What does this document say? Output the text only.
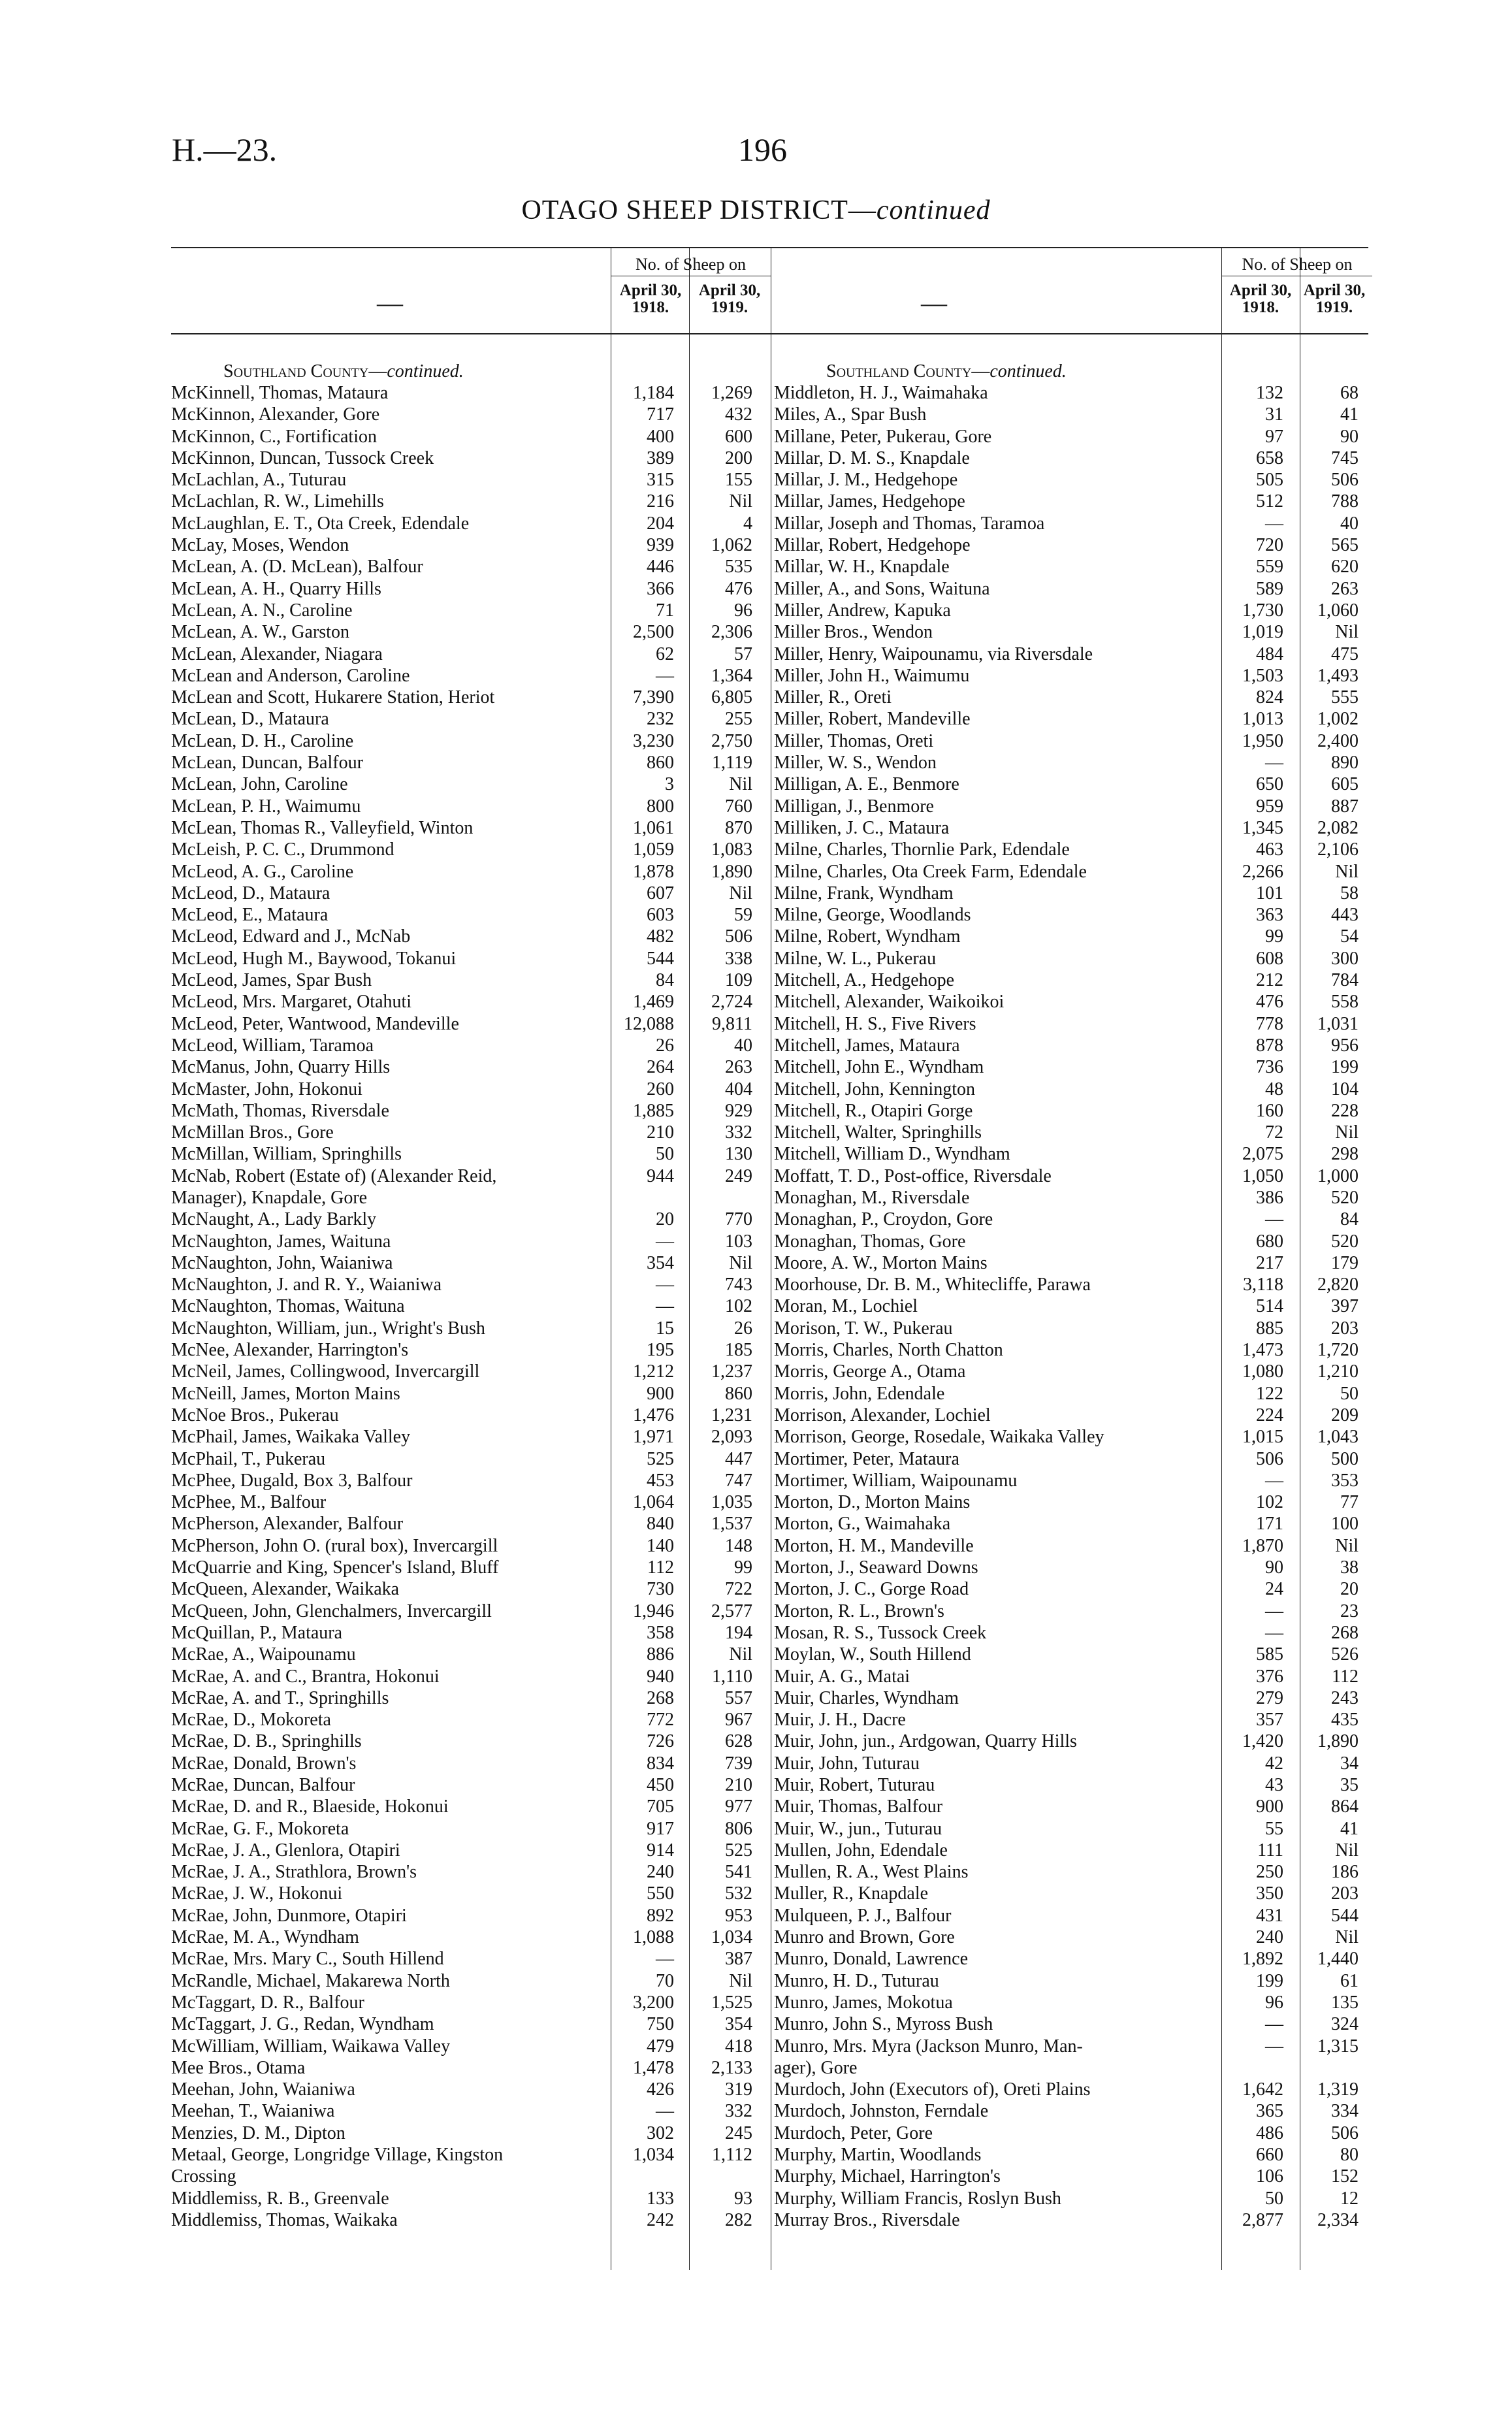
H.—23.	196
OTAGO SHEEP DISTRICT—continued
—
No. of Sheep on
April 30, 1918.
April 30, 1919.
Southland County—continued.
McKinnell, Thomas, Mataura	1,184	1,269
McKinnon, Alexander, Gore	717	432
McKinnon, C., Fortification	400	600
McKinnon, Duncan, Tussock Creek	389	200
McLachlan, A., Tuturau	315	155
McLachlan, R. W., Limehills	216	Nil
McLaughlan, E. T., Ota Creek, Edendale	204	4
McLay, Moses, Wendon	939	1,062
McLean, A. (D. McLean), Balfour	446	535
McLean, A. H., Quarry Hills	366	476
McLean, A. N., Caroline	71	96
McLean, A. W., Garston	2,500	2,306
McLean, Alexander, Niagara	62	57
McLean and Anderson, Caroline	—	1,364
McLean and Scott, Hukarere Station, Heriot	7,390	6,805
McLean, D., Mataura	232	255
McLean, D. H., Caroline	3,230	2,750
McLean, Duncan, Balfour	860	1,119
McLean, John, Caroline	3	Nil
McLean, P. H., Waimumu	800	760
McLean, Thomas R., Valleyfield, Winton	1,061	870
McLeish, P. C. C., Drummond	1,059	1,083
McLeod, A. G., Caroline	1,878	1,890
McLeod, D., Mataura	607	Nil
McLeod, E., Mataura	603	59
McLeod, Edward and J., McNab	482	506
McLeod, Hugh M., Baywood, Tokanui	544	338
McLeod, James, Spar Bush	84	109
McLeod, Mrs. Margaret, Otahuti	1,469	2,724
McLeod, Peter, Wantwood, Mandeville	12,088	9,811
McLeod, William, Taramoa	26	40
McManus, John, Quarry Hills	264	263
McMaster, John, Hokonui	260	404
McMath, Thomas, Riversdale	1,885	929
McMillan Bros., Gore	210	332
McMillan, William, Springhills	50	130
McNab, Robert (Estate of) (Alexander Reid,	944	249
Manager), Knapdale, Gore
McNaught, A., Lady Barkly	20	770
McNaughton, James, Waituna	—	103
McNaughton, John, Waianiwa	354	Nil
McNaughton, J. and R. Y., Waianiwa	—	743
McNaughton, Thomas, Waituna	—	102
McNaughton, William, jun., Wright's Bush	15	26
McNee, Alexander, Harrington's	195	185
McNeil, James, Collingwood, Invercargill	1,212	1,237
McNeill, James, Morton Mains	900	860
McNoe Bros., Pukerau	1,476	1,231
McPhail, James, Waikaka Valley	1,971	2,093
McPhail, T., Pukerau	525	447
McPhee, Dugald, Box 3, Balfour	453	747
McPhee, M., Balfour	1,064	1,035
McPherson, Alexander, Balfour	840	1,537
McPherson, John O. (rural box), Invercargill	140	148
McQuarrie and King, Spencer's Island, Bluff	112	99
McQueen, Alexander, Waikaka	730	722
McQueen, John, Glenchalmers, Invercargill	1,946	2,577
McQuillan, P., Mataura	358	194
McRae, A., Waipounamu	886	Nil
McRae, A. and C., Brantra, Hokonui	940	1,110
McRae, A. and T., Springhills	268	557
McRae, D., Mokoreta	772	967
McRae, D. B., Springhills	726	628
McRae, Donald, Brown's	834	739
McRae, Duncan, Balfour	450	210
McRae, D. and R., Blaeside, Hokonui	705	977
McRae, G. F., Mokoreta	917	806
McRae, J. A., Glenlora, Otapiri	914	525
McRae, J. A., Strathlora, Brown's	240	541
McRae, J. W., Hokonui	550	532
McRae, John, Dunmore, Otapiri	892	953
McRae, M. A., Wyndham	1,088	1,034
McRae, Mrs. Mary C., South Hillend	—	387
McRandle, Michael, Makarewa North	70	Nil
McTaggart, D. R., Balfour	3,200	1,525
McTaggart, J. G., Redan, Wyndham	750	354
McWilliam, William, Waikawa Valley	479	418
Mee Bros., Otama	1,478	2,133
Meehan, John, Waianiwa	426	319
Meehan, T., Waianiwa	—	332
Menzies, D. M., Dipton	302	245
Metaal, George, Longridge Village, Kingston	1,034	1,112
Crossing
Middlemiss, R. B., Greenvale	133	93
Middlemiss, Thomas, Waikaka	242	282
—
No. of Sheep on
April 30, 1918.
April 30, 1919.
Southland County—continued.
Middleton, H. J., Waimahaka	132	68
Miles, A., Spar Bush	31	41
Millane, Peter, Pukerau, Gore	97	90
Millar, D. M. S., Knapdale	658	745
Millar, J. M., Hedgehope	505	506
Millar, James, Hedgehope	512	788
Millar, Joseph and Thomas, Taramoa	—	40
Millar, Robert, Hedgehope	720	565
Millar, W. H., Knapdale	559	620
Miller, A., and Sons, Waituna	589	263
Miller, Andrew, Kapuka	1,730	1,060
Miller Bros., Wendon	1,019	Nil
Miller, Henry, Waipounamu, via Riversdale	484	475
Miller, John H., Waimumu	1,503	1,493
Miller, R., Oreti	824	555
Miller, Robert, Mandeville	1,013	1,002
Miller, Thomas, Oreti	1,950	2,400
Miller, W. S., Wendon	—	890
Milligan, A. E., Benmore	650	605
Milligan, J., Benmore	959	887
Milliken, J. C., Mataura	1,345	2,082
Milne, Charles, Thornlie Park, Edendale	463	2,106
Milne, Charles, Ota Creek Farm, Edendale	2,266	Nil
Milne, Frank, Wyndham	101	58
Milne, George, Woodlands	363	443
Milne, Robert, Wyndham	99	54
Milne, W. L., Pukerau	608	300
Mitchell, A., Hedgehope	212	784
Mitchell, Alexander, Waikoikoi	476	558
Mitchell, H. S., Five Rivers	778	1,031
Mitchell, James, Mataura	878	956
Mitchell, John E., Wyndham	736	199
Mitchell, John, Kennington	48	104
Mitchell, R., Otapiri Gorge	160	228
Mitchell, Walter, Springhills	72	Nil
Mitchell, William D., Wyndham	2,075	298
Moffatt, T. D., Post-office, Riversdale	1,050	1,000
Monaghan, M., Riversdale	386	520
Monaghan, P., Croydon, Gore	—	84
Monaghan, Thomas, Gore	680	520
Moore, A. W., Morton Mains	217	179
Moorhouse, Dr. B. M., Whitecliffe, Parawa	3,118	2,820
Moran, M., Lochiel	514	397
Morison, T. W., Pukerau	885	203
Morris, Charles, North Chatton	1,473	1,720
Morris, George A., Otama	1,080	1,210
Morris, John, Edendale	122	50
Morrison, Alexander, Lochiel	224	209
Morrison, George, Rosedale, Waikaka Valley	1,015	1,043
Mortimer, Peter, Mataura	506	500
Mortimer, William, Waipounamu	—	353
Morton, D., Morton Mains	102	77
Morton, G., Waimahaka	171	100
Morton, H. M., Mandeville	1,870	Nil
Morton, J., Seaward Downs	90	38
Morton, J. C., Gorge Road	24	20
Morton, R. L., Brown's	—	23
Mosan, R. S., Tussock Creek	—	268
Moylan, W., South Hillend	585	526
Muir, A. G., Matai	376	112
Muir, Charles, Wyndham	279	243
Muir, J. H., Dacre	357	435
Muir, John, jun., Ardgowan, Quarry Hills	1,420	1,890
Muir, John, Tuturau	42	34
Muir, Robert, Tuturau	43	35
Muir, Thomas, Balfour	900	864
Muir, W., jun., Tuturau	55	41
Mullen, John, Edendale	111	Nil
Mullen, R. A., West Plains	250	186
Muller, R., Knapdale	350	203
Mulqueen, P. J., Balfour	431	544
Munro and Brown, Gore	240	Nil
Munro, Donald, Lawrence	1,892	1,440
Munro, H. D., Tuturau	199	61
Munro, James, Mokotua	96	135
Munro, John S., Myross Bush	—	324
Munro, Mrs. Myra (Jackson Munro, Man-	—	1,315
ager), Gore
Murdoch, John (Executors of), Oreti Plains	1,642	1,319
Murdoch, Johnston, Ferndale	365	334
Murdoch, Peter, Gore	486	506
Murphy, Martin, Woodlands	660	80
Murphy, Michael, Harrington's	106	152
Murphy, William Francis, Roslyn Bush	50	12
Murray Bros., Riversdale	2,877	2,334
